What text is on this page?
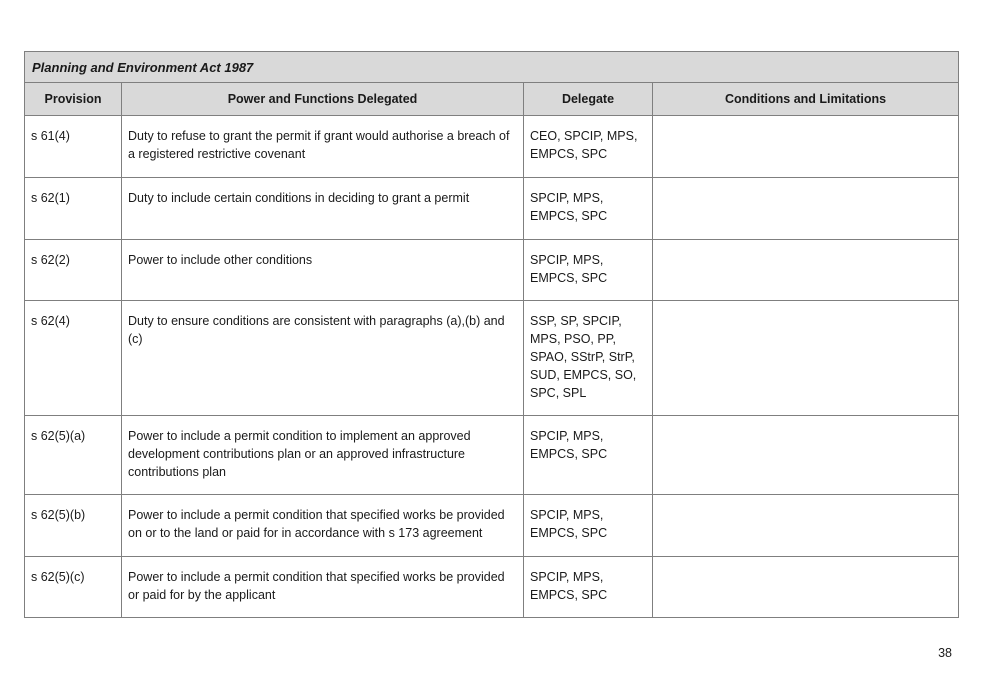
Planning and Environment Act 1987			
Provision	Power and Functions Delegated	Delegate	Conditions and Limitations
s 61(4)	Duty to refuse to grant the permit if grant would authorise a breach of a registered restrictive covenant	CEO, SPCIP, MPS, EMPCS, SPC	
s 62(1)	Duty to include certain conditions in deciding to grant a permit	SPCIP, MPS, EMPCS, SPC	
s 62(2)	Power to include other conditions	SPCIP, MPS, EMPCS, SPC	
s 62(4)	Duty to ensure conditions are consistent with paragraphs (a),(b) and (c)	SSP, SP, SPCIP, MPS, PSO, PP, SPAO, SStrP, StrP, SUD, EMPCS, SO, SPC, SPL	
s 62(5)(a)	Power to include a permit condition to implement an approved development contributions plan or an approved infrastructure contributions plan	SPCIP, MPS, EMPCS, SPC	
s 62(5)(b)	Power to include a permit condition that specified works be provided on or to the land or paid for in accordance with s 173 agreement	SPCIP, MPS, EMPCS, SPC	
s 62(5)(c)	Power to include a permit condition that specified works be provided or paid for by the applicant	SPCIP, MPS, EMPCS, SPC	
38
